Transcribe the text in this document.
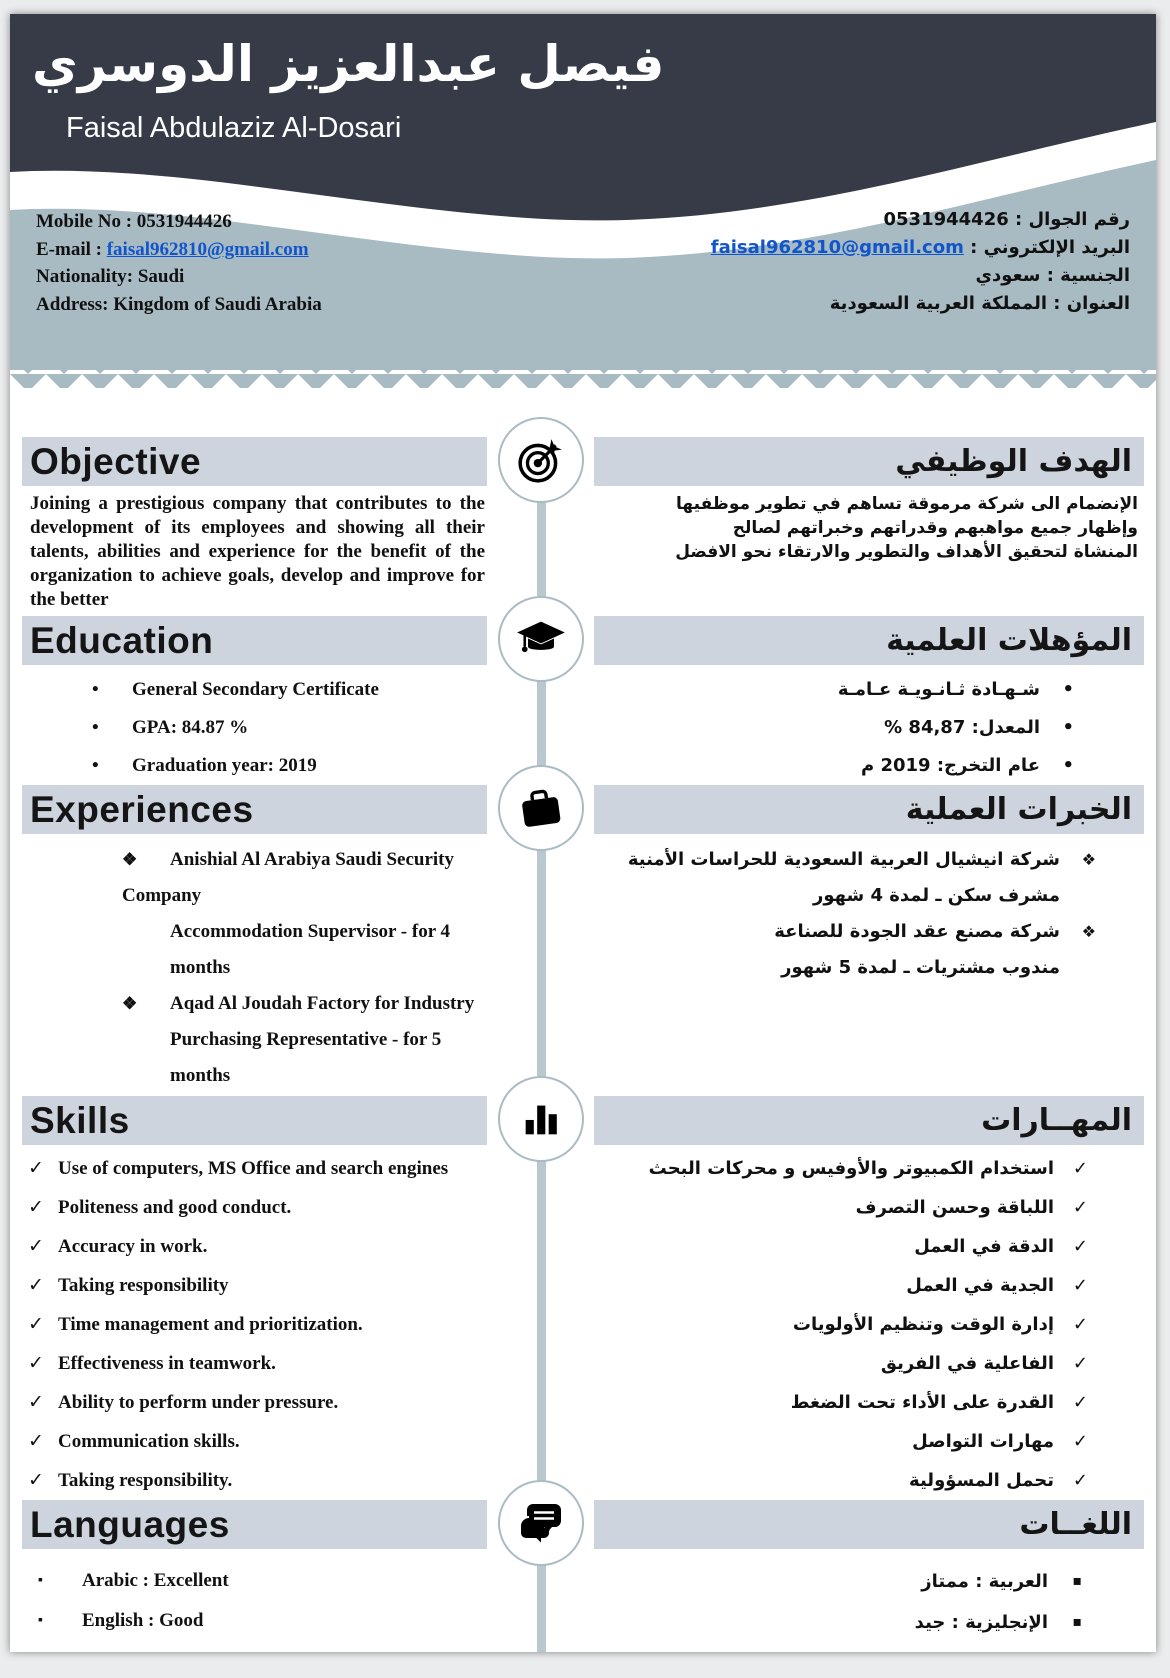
فيصل عبدالعزيز الدوسري
Faisal Abdulaziz Al-Dosari
Mobile No : 0531944426
E-mail : faisal962810@gmail.com
Nationality: Saudi
Address: Kingdom of Saudi Arabia
رقم الجوال : 0531944426
البريد الإلكتروني : faisal962810@gmail.com
الجنسية : سعودي
العنوان : المملكة العربية السعودية
Objective	الهدف الوظيفي
Joining a prestigious company that contributes to the development of its employees and showing all their talents, abilities and experience for the benefit of the organization to achieve goals, develop and improve for the better
الإنضمام الى شركة مرموقة تساهم في تطوير موظفيها وإظهار جميع مواهبهم وقدراتهم وخبراتهم لصالح المنشاة لتحقيق الأهداف والتطوير والارتقاء نحو الافضل
Education	المؤهلات العلمية
• General Secondary Certificate
• GPA: 84.87 %
• Graduation year: 2019
•شـهـادة ثـانـويـة عـامـة
•المعدل: 84,87 %
•عام التخرج: 2019 م
Experiences	الخبرات العملية
❖ Anishial Al Arabiya Saudi Security Company
Accommodation Supervisor - for 4 months
❖ Aqad Al Joudah Factory for Industry
Purchasing Representative - for 5 months
❖شركة انيشيال العربية السعودية للحراسات الأمنية
مشرف سكن ـ لمدة 4 شهور
❖شركة مصنع عقد الجودة للصناعة
مندوب مشتريات ـ لمدة 5 شهور
Skills	المهــارات
✓ Use of computers, MS Office and search engines
✓ Politeness and good conduct.
✓ Accuracy in work.
✓ Taking responsibility
✓ Time management and prioritization.
✓ Effectiveness in teamwork.
✓ Ability to perform under pressure.
✓ Communication skills.
✓ Taking responsibility.
✓استخدام الكمبيوتر والأوفيس و محركات البحث
✓اللباقة وحسن التصرف
✓الدقة في العمل
✓الجدية في العمل
✓إدارة الوقت وتنظيم الأولويات
✓الفاعلية في الفريق
✓القدرة على الأداء تحت الضغط
✓مهارات التواصل
✓تحمل المسؤولية
Languages	اللغــات
▪ Arabic : Excellent
▪ English : Good
▪العربية : ممتاز
▪الإنجليزية : جيد
